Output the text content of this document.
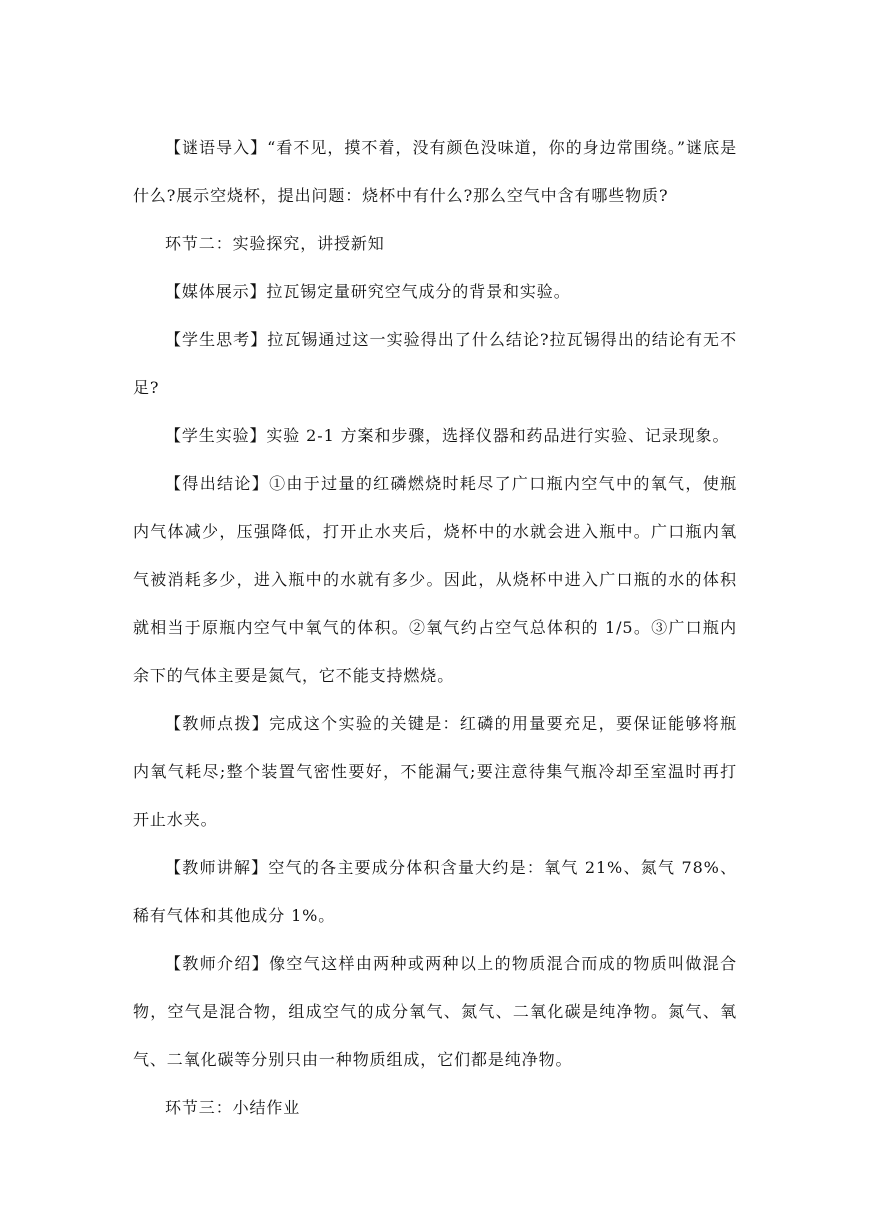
【谜语导入】“看不见，摸不着，没有颜色没味道，你的身边常围绕。”谜底是什么?展示空烧杯，提出问题：烧杯中有什么?那么空气中含有哪些物质?

环节二：实验探究，讲授新知

【媒体展示】拉瓦锡定量研究空气成分的背景和实验。

【学生思考】拉瓦锡通过这一实验得出了什么结论?拉瓦锡得出的结论有无不足?

【学生实验】实验 2-1 方案和步骤，选择仪器和药品进行实验、记录现象。

【得出结论】①由于过量的红磷燃烧时耗尽了广口瓶内空气中的氧气，使瓶内气体减少，压强降低，打开止水夹后，烧杯中的水就会进入瓶中。广口瓶内氧气被消耗多少，进入瓶中的水就有多少。因此，从烧杯中进入广口瓶的水的体积就相当于原瓶内空气中氧气的体积。②氧气约占空气总体积的 1/5。③广口瓶内余下的气体主要是氮气，它不能支持燃烧。

【教师点拨】完成这个实验的关键是：红磷的用量要充足，要保证能够将瓶内氧气耗尽;整个装置气密性要好，不能漏气;要注意待集气瓶冷却至室温时再打开止水夹。

【教师讲解】空气的各主要成分体积含量大约是：氧气 21%、氮气 78%、稀有气体和其他成分 1%。

【教师介绍】像空气这样由两种或两种以上的物质混合而成的物质叫做混合物，空气是混合物，组成空气的成分氧气、氮气、二氧化碳是纯净物。氮气、氧气、二氧化碳等分别只由一种物质组成，它们都是纯净物。

环节三：小结作业
